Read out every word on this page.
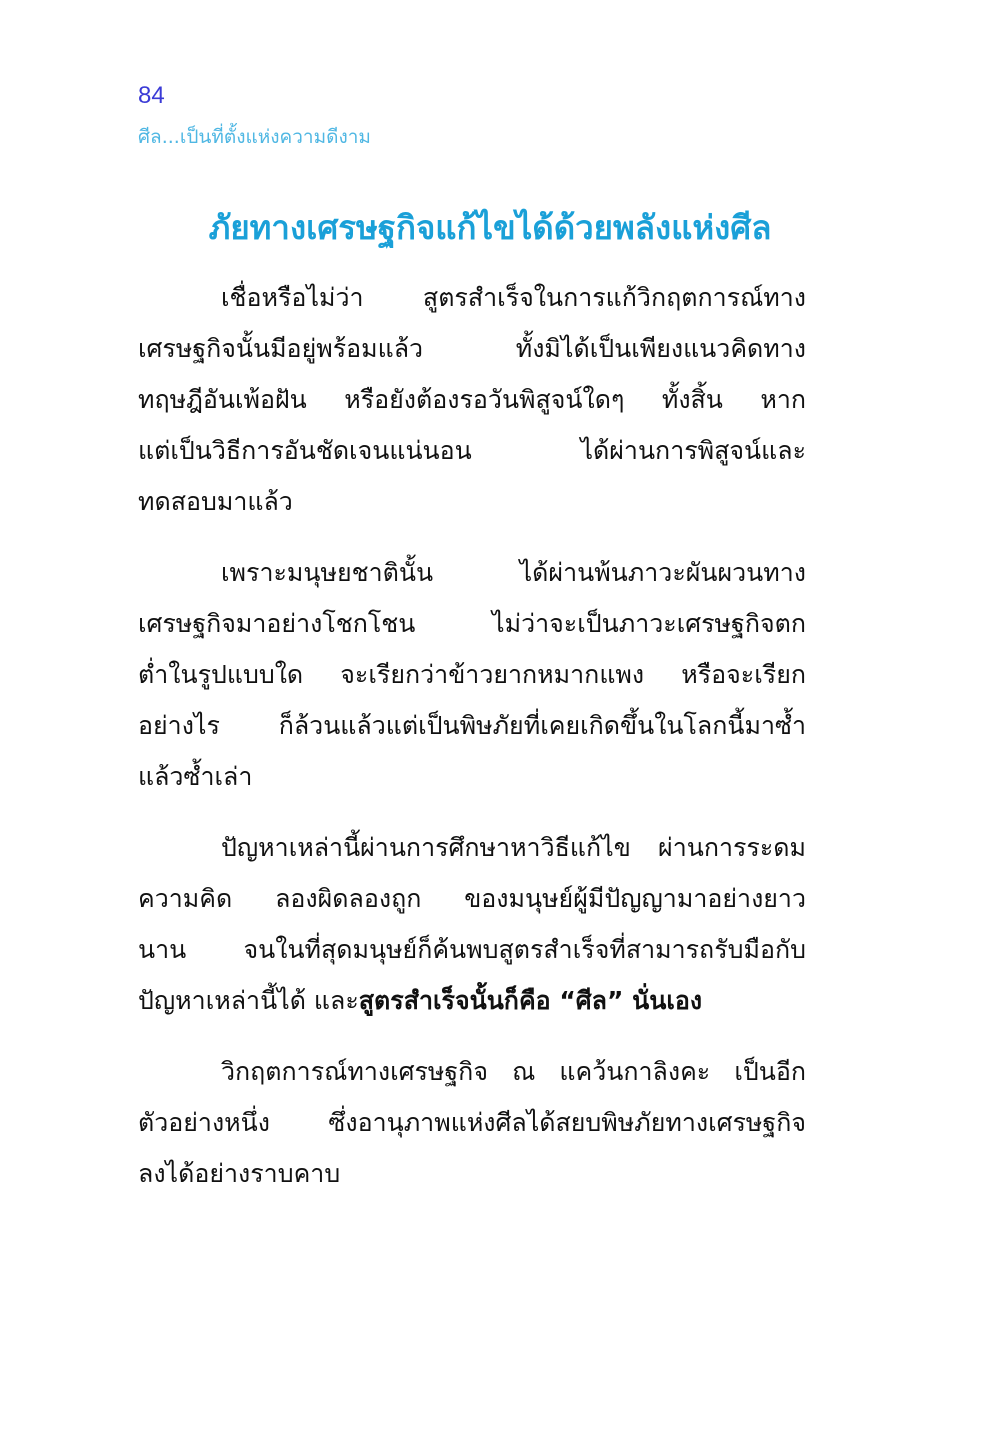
84
ศีล...เป็นที่ตั้งแห่งความดีงาม
ภัยทางเศรษฐกิจแก้ไขได้ด้วยพลังแห่งศีล

เชื่อหรือไม่ว่า สูตรสำเร็จในการแก้วิกฤตการณ์ทาง
เศรษฐกิจนั้นมีอยู่พร้อมแล้ว ทั้งมิได้เป็นเพียงแนวคิดทาง
ทฤษฎีอันเพ้อฝัน หรือยังต้องรอวันพิสูจน์ใดๆ ทั้งสิ้น หาก
แต่เป็นวิธีการอันชัดเจนแน่นอน ได้ผ่านการพิสูจน์และ
ทดสอบมาแล้ว

เพราะมนุษยชาตินั้น ได้ผ่านพ้นภาวะผันผวนทาง
เศรษฐกิจมาอย่างโชกโชน ไม่ว่าจะเป็นภาวะเศรษฐกิจตก
ต่ำในรูปแบบใด จะเรียกว่าข้าวยากหมากแพง หรือจะเรียก
อย่างไร ก็ล้วนแล้วแต่เป็นพิษภัยที่เคยเกิดขึ้นในโลกนี้มาซ้ำ
แล้วซ้ำเล่า

ปัญหาเหล่านี้ผ่านการศึกษาหาวิธีแก้ไข ผ่านการระดม
ความคิด ลองผิดลองถูก ของมนุษย์ผู้มีปัญญามาอย่างยาว
นาน จนในที่สุดมนุษย์ก็ค้นพบสูตรสำเร็จที่สามารถรับมือกับ
ปัญหาเหล่านี้ได้ และสูตรสำเร็จนั้นก็คือ “ศีล” นั่นเอง

วิกฤตการณ์ทางเศรษฐกิจ ณ แคว้นกาลิงคะ เป็นอีก
ตัวอย่างหนึ่ง ซึ่งอานุภาพแห่งศีลได้สยบพิษภัยทางเศรษฐกิจ
ลงได้อย่างราบคาบ
